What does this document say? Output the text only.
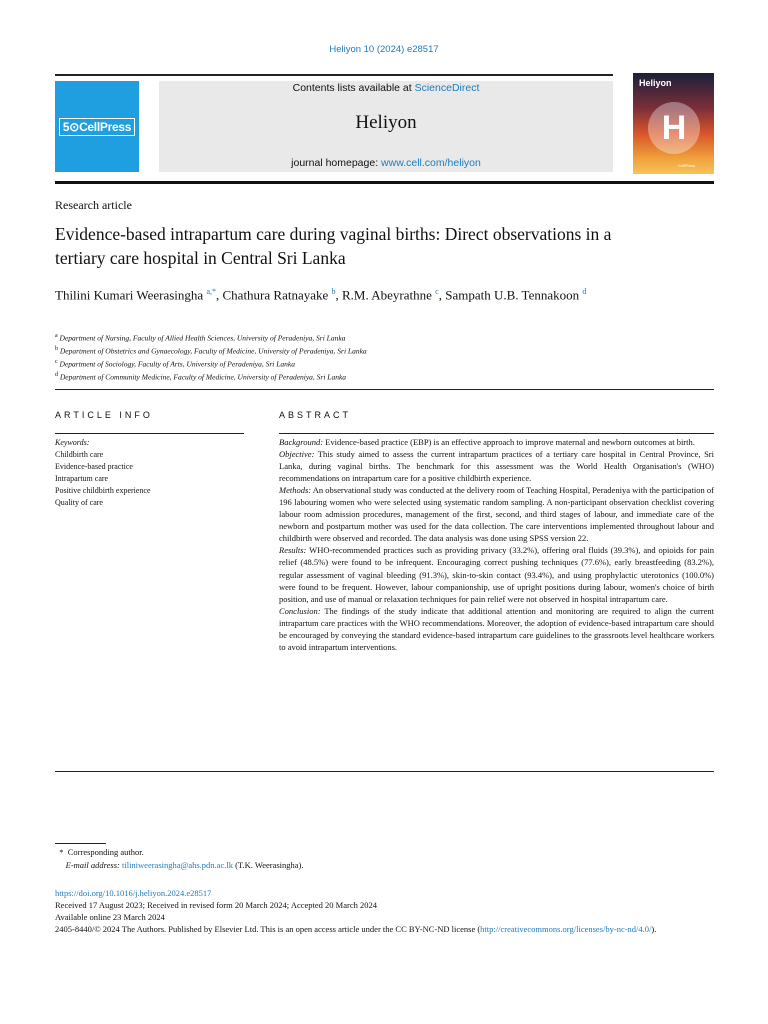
Heliyon 10 (2024) e28517
5⊙CellPress
Contents lists available at ScienceDirect
Heliyon
journal homepage: www.cell.com/heliyon
Heliyon
H
CellPress
Research article
Evidence-based intrapartum care during vaginal births: Direct observations in a tertiary care hospital in Central Sri Lanka
Thilini Kumari Weerasingha $^{a,*}$, Chathura Ratnayake $^b$, R.M. Abeyrathne $^c$, Sampath U.B. Tennakoon $^d$
$^a$ Department of Nursing, Faculty of Allied Health Sciences, University of Peradeniya, Sri Lanka
$^b$ Department of Obstetrics and Gynaecology, Faculty of Medicine, University of Peradeniya, Sri Lanka
$^c$ Department of Sociology, Faculty of Arts, University of Peradeniya, Sri Lanka
$^d$ Department of Community Medicine, Faculty of Medicine, University of Peradeniya, Sri Lanka
ARTICLE INFO	ABSTRACT
Keywords:
Childbirth care
Evidence-based practice
Intrapartum care
Positive childbirth experience
Quality of care

Background: Evidence-based practice (EBP) is an effective approach to improve maternal and newborn outcomes at birth.

Objective: This study aimed to assess the current intrapartum practices of a tertiary care hospital in Central Province, Sri Lanka, during vaginal births. The benchmark for this assessment was the World Health Organisation's (WHO) recommendations on intrapartum care for a positive childbirth experience.

Methods: An observational study was conducted at the delivery room of Teaching Hospital, Peradeniya with the participation of 196 labouring women who were selected using systematic random sampling. A non-participant observation checklist covering labour room admission procedures, management of the first, second, and third stages of labour, and immediate care of the newborn and postpartum mother was used for the data collection. The care interventions implemented throughout labour and childbirth were observed and recorded. The data analysis was done using SPSS version 22.

Results: WHO-recommended practices such as providing privacy (33.2%), offering oral fluids (39.3%), and opioids for pain relief (48.5%) were found to be infrequent. Encouraging correct pushing techniques (77.6%), early breastfeeding (83.2%), regular assessment of vaginal bleeding (91.3%), skin-to-skin contact (93.4%), and using prophylactic uterotonics (100.0%) were found to be frequent. However, labour companionship, use of upright positions during labour, women's choice of birth position, and use of manual or relaxation techniques for pain relief were not observed in hospital intrapartum care.

Conclusion: The findings of the study indicate that additional attention and monitoring are required to align the current intrapartum care practices with the WHO recommendations. Moreover, the adoption of evidence-based intrapartum care should be encouraged by conveying the standard evidence-based intrapartum care guidelines to the grassroots level healthcare workers to avoid intrapartum interventions.

* Corresponding author.
E-mail address: tiliniweerasingha@ahs.pdn.ac.lk (T.K. Weerasingha).
https://doi.org/10.1016/j.heliyon.2024.e28517
Received 17 August 2023; Received in revised form 20 March 2024; Accepted 20 March 2024
Available online 23 March 2024
2405-8440/© 2024 The Authors. Published by Elsevier Ltd. This is an open access article under the CC BY-NC-ND license (http://creativecommons.org/licenses/by-nc-nd/4.0/).
